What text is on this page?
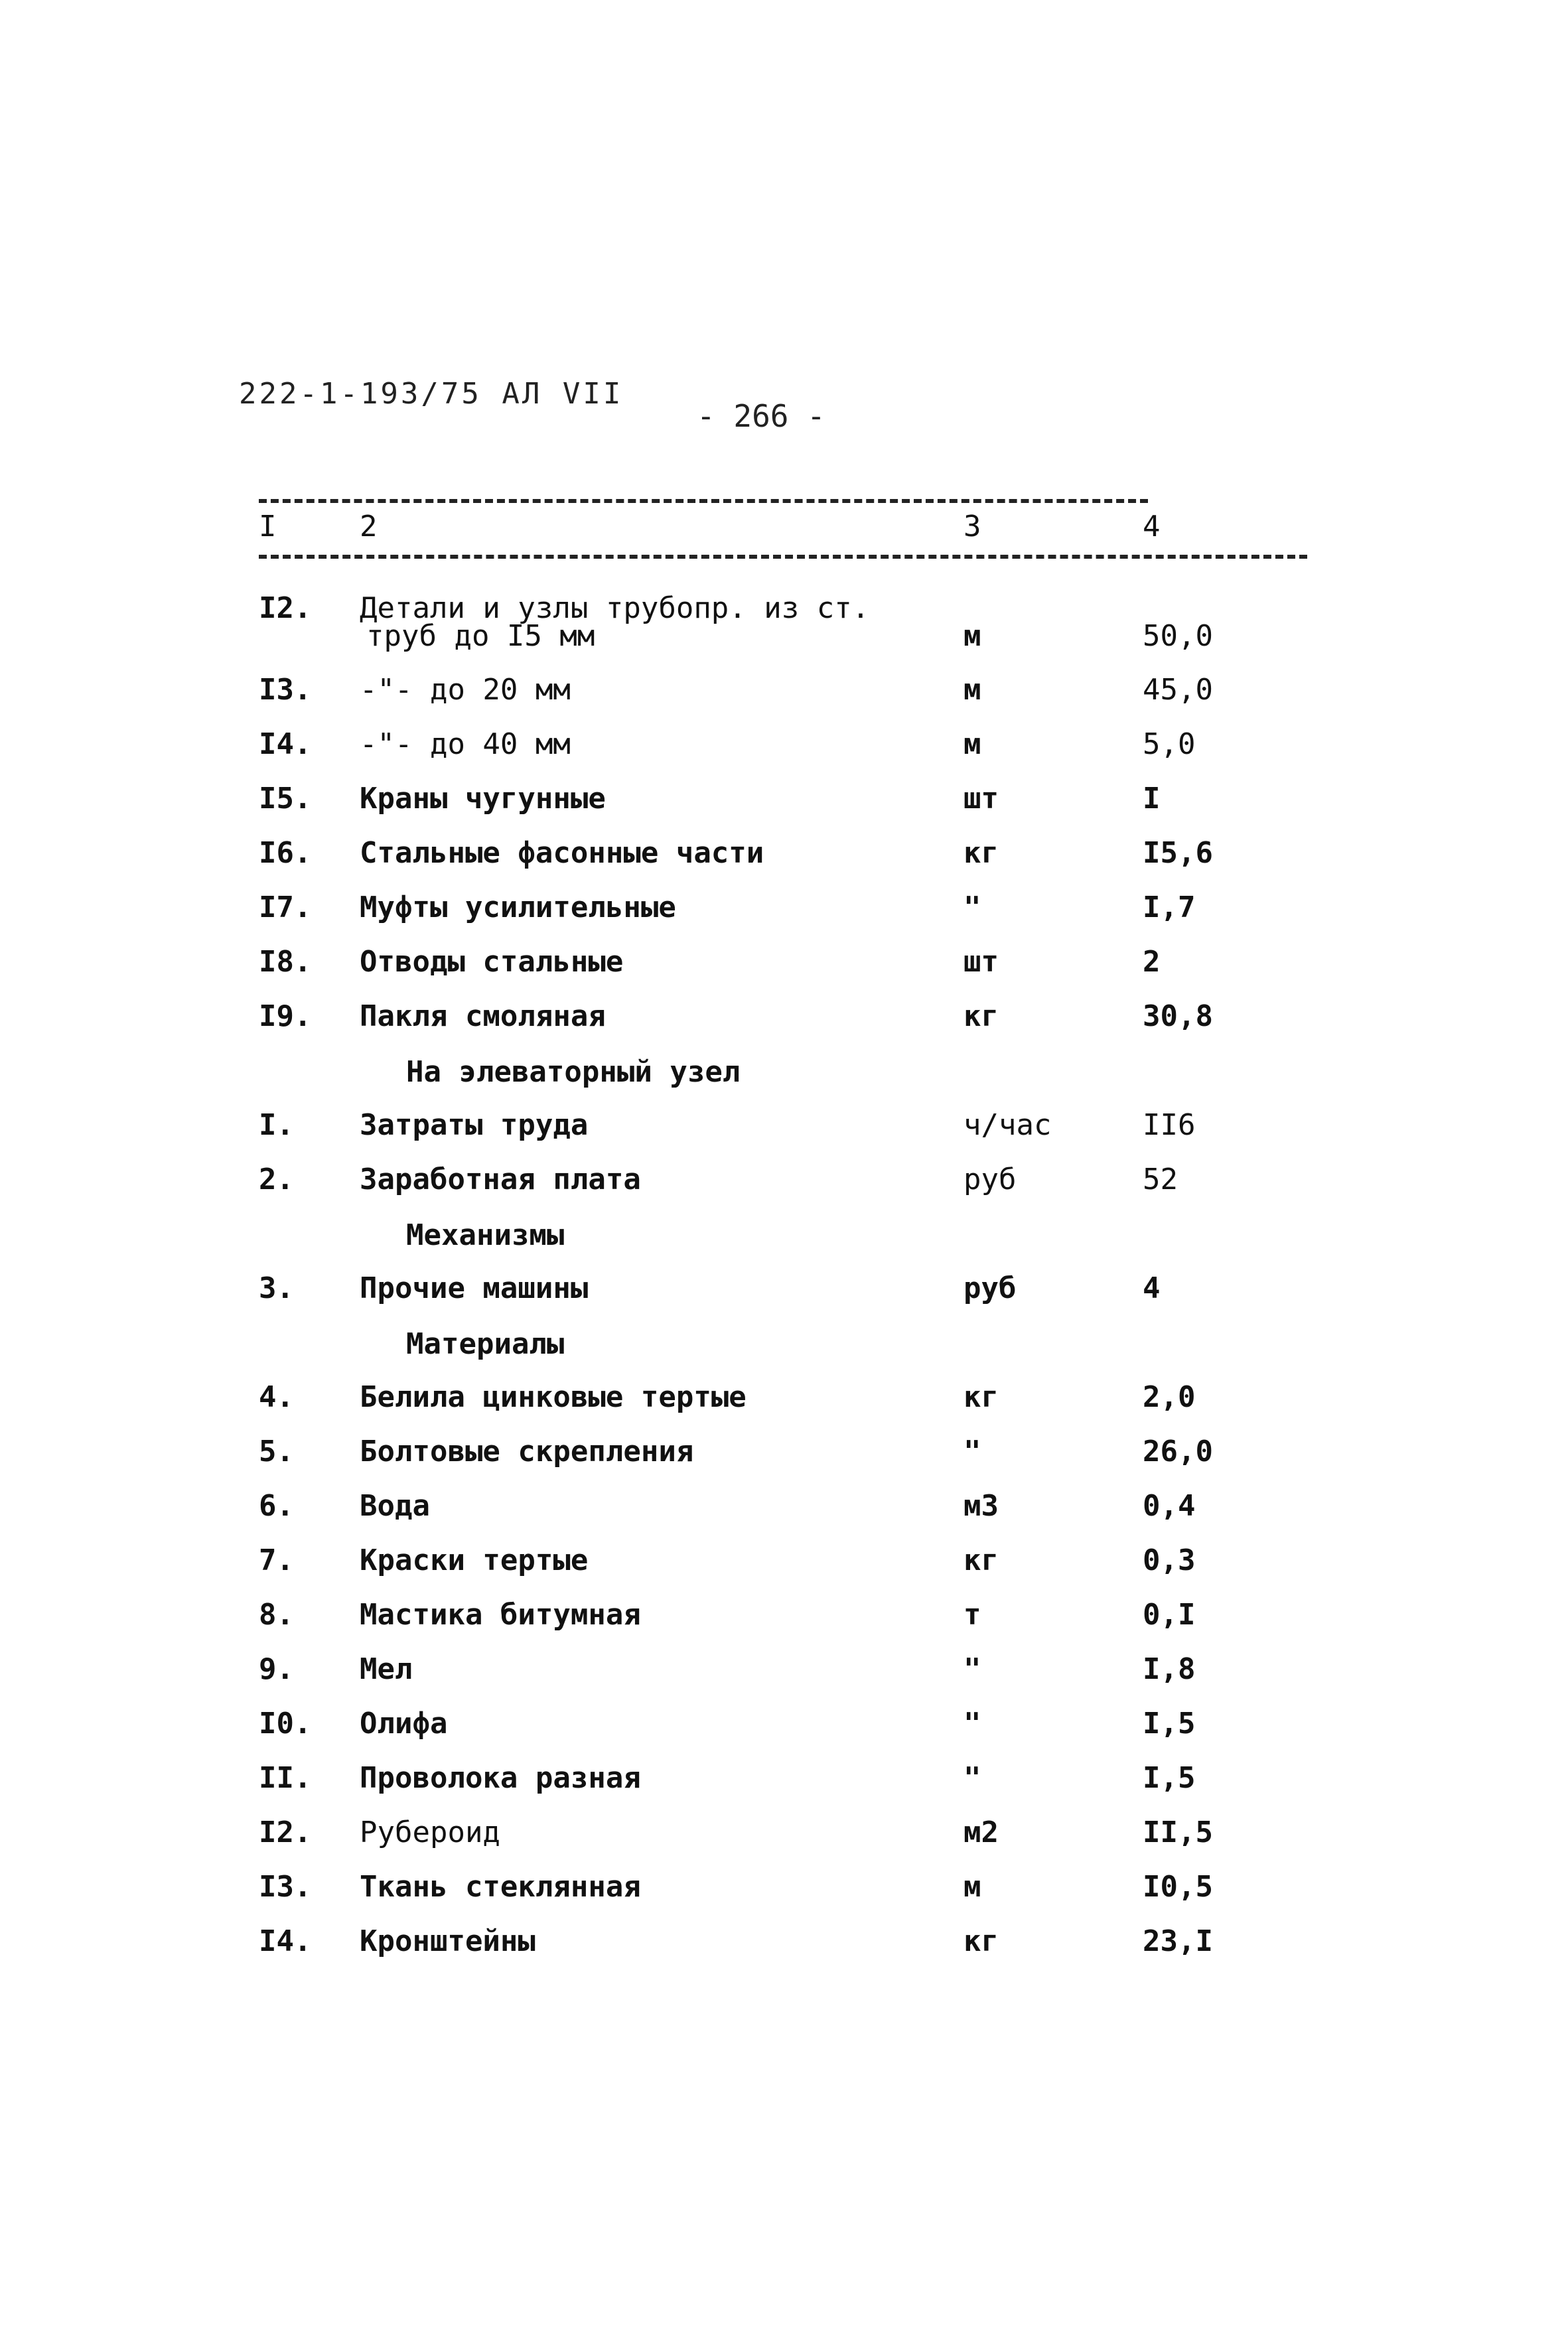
222-1-193/75 АЛ VII
- 266 -
I	2	3	4
I2. Детали и узлы трубопр. из ст.
труб до I5 мм	м	50,0
I3. -"- до 20 мм	м	45,0
I4. -"- до 40 мм	м	5,0
I5. Краны чугунные	шт	I
I6. Стальные фасонные части	кг	I5,6
I7. Муфты усилительные	"	I,7
I8. Отводы стальные	шт	2
I9. Пакля смоляная	кг	30,8
На элеваторный узел
I. Затраты труда	ч/час	II6
2. Заработная плата	руб	52
Механизмы
3. Прочие машины	руб	4
Материалы
4. Белила цинковые тертые	кг	2,0
5. Болтовые скрепления	"	26,0
6. Вода	м3	0,4
7. Краски тертые	кг	0,3
8. Мастика битумная	т	0,I
9. Мел	"	I,8
I0. Олифа	"	I,5
II. Проволока разная	"	I,5
I2. Рубероид	м2	II,5
I3. Ткань стеклянная	м	I0,5
I4. Кронштейны	кг	23,I
